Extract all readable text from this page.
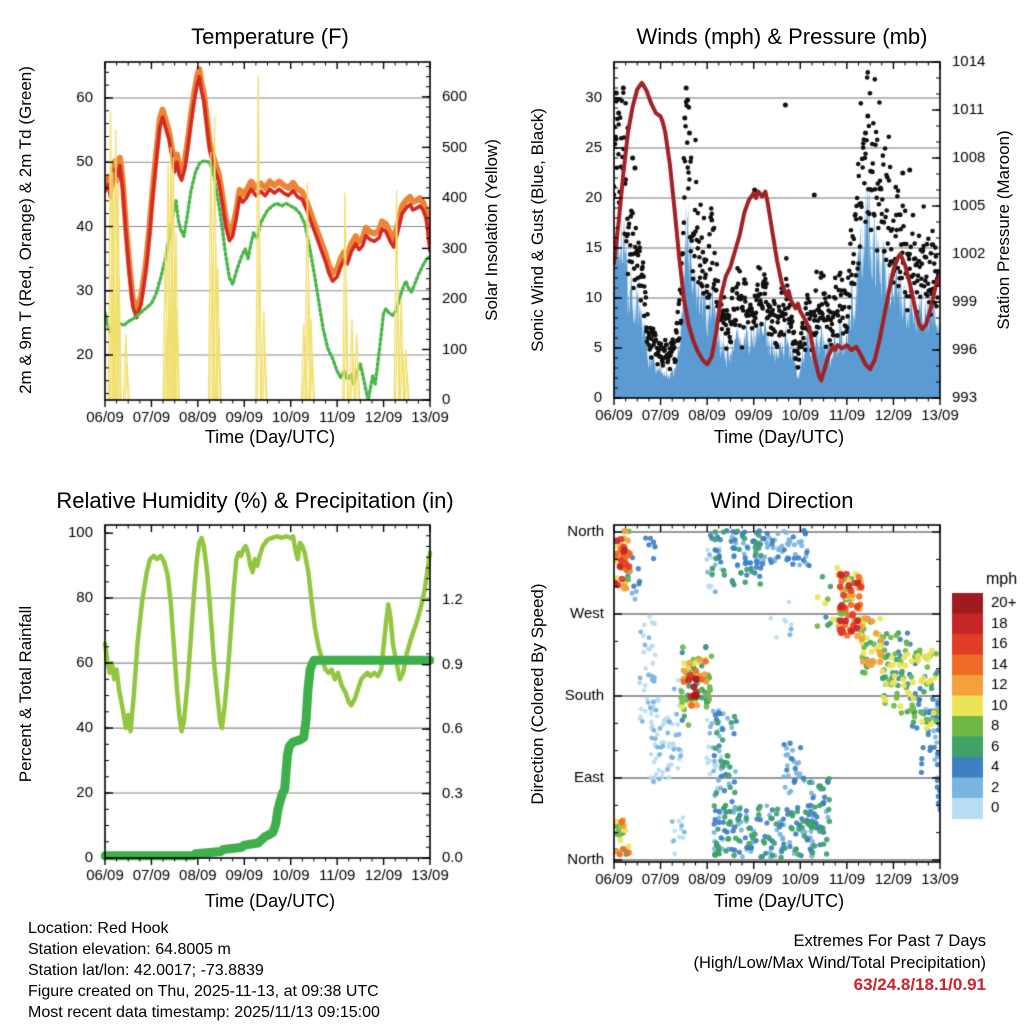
Temperature (F)	Winds (mph) & Pressure (mb)
Relative Humidity (%) & Precipitation (in)	Wind Direction
Time (Day/UTC)	Time (Day/UTC)
Time (Day/UTC)	Time (Day/UTC)
2m & 9m T (Red, Orange) & 2m Td (Green)	Solar Insolation (Yellow) Sonic Wind & Gust (Blue, Black)	Station Pressure (Maroon)
Percent & Total Rainfall	Direction (Colored By Speed)
Location: Red Hook
Station elevation: 64.8005 m
Station lat/lon: 42.0017; -73.8839
Figure created on Thu, 2025-11-13, at 09:38 UTC
Most recent data timestamp: 2025/11/13 09:15:00
Extremes For Past 7 Days
(High/Low/Max Wind/Total Precipitation)
63/24.8/18.1/0.91
